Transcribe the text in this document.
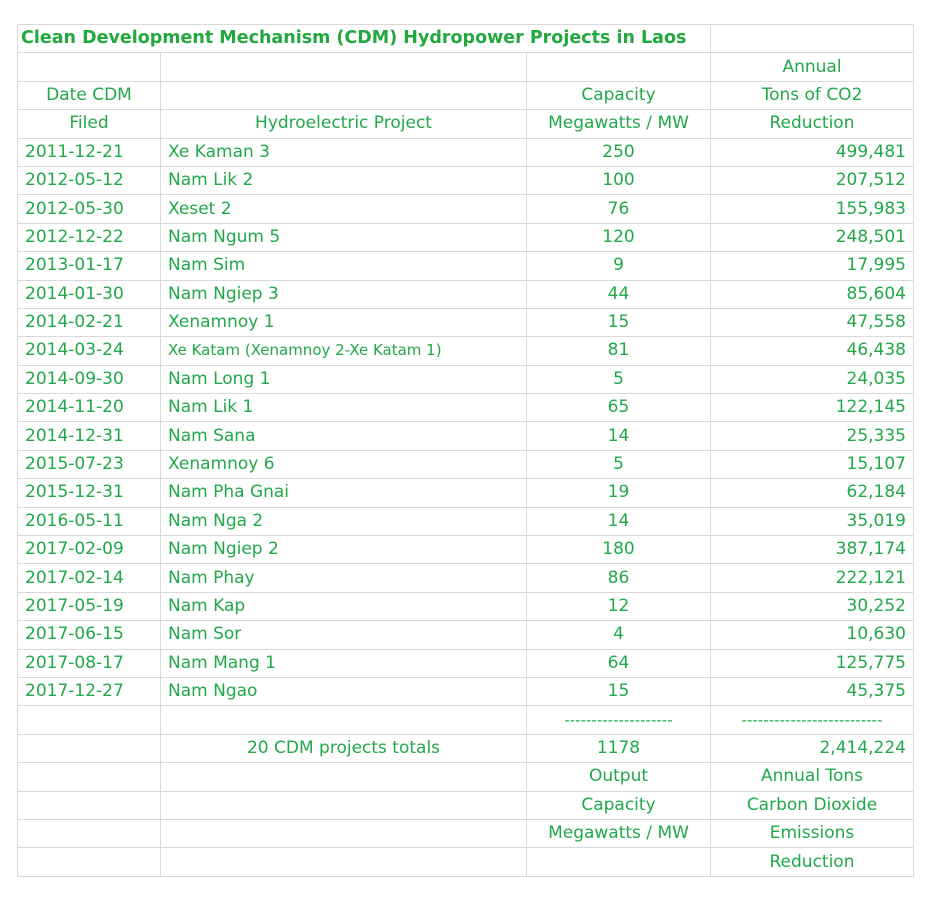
Clean Development Mechanism (CDM) Hydropower Projects in Laos			
			Annual
Date CDM		Capacity	Tons of CO2
Filed	Hydroelectric Project	Megawatts / MW	Reduction
2011-12-21	Xe Kaman 3	250	499,481
2012-05-12	Nam Lik 2	100	207,512
2012-05-30	Xeset 2	76	155,983
2012-12-22	Nam Ngum 5	120	248,501
2013-01-17	Nam Sim	9	17,995
2014-01-30	Nam Ngiep 3	44	85,604
2014-02-21	Xenamnoy 1	15	47,558
2014-03-24	Xe Katam (Xenamnoy 2-Xe Katam 1)	81	46,438
2014-09-30	Nam Long 1	5	24,035
2014-11-20	Nam Lik 1	65	122,145
2014-12-31	Nam Sana	14	25,335
2015-07-23	Xenamnoy 6	5	15,107
2015-12-31	Nam Pha Gnai	19	62,184
2016-05-11	Nam Nga 2	14	35,019
2017-02-09	Nam Ngiep 2	180	387,174
2017-02-14	Nam Phay	86	222,121
2017-05-19	Nam Kap	12	30,252
2017-06-15	Nam Sor	4	10,630
2017-08-17	Nam Mang 1	64	125,775
2017-12-27	Nam Ngao	15	45,375
		--------------------	--------------------------
	20 CDM projects totals	1178	2,414,224
		Output	Annual Tons
		Capacity	Carbon Dioxide
		Megawatts / MW	Emissions
			Reduction
